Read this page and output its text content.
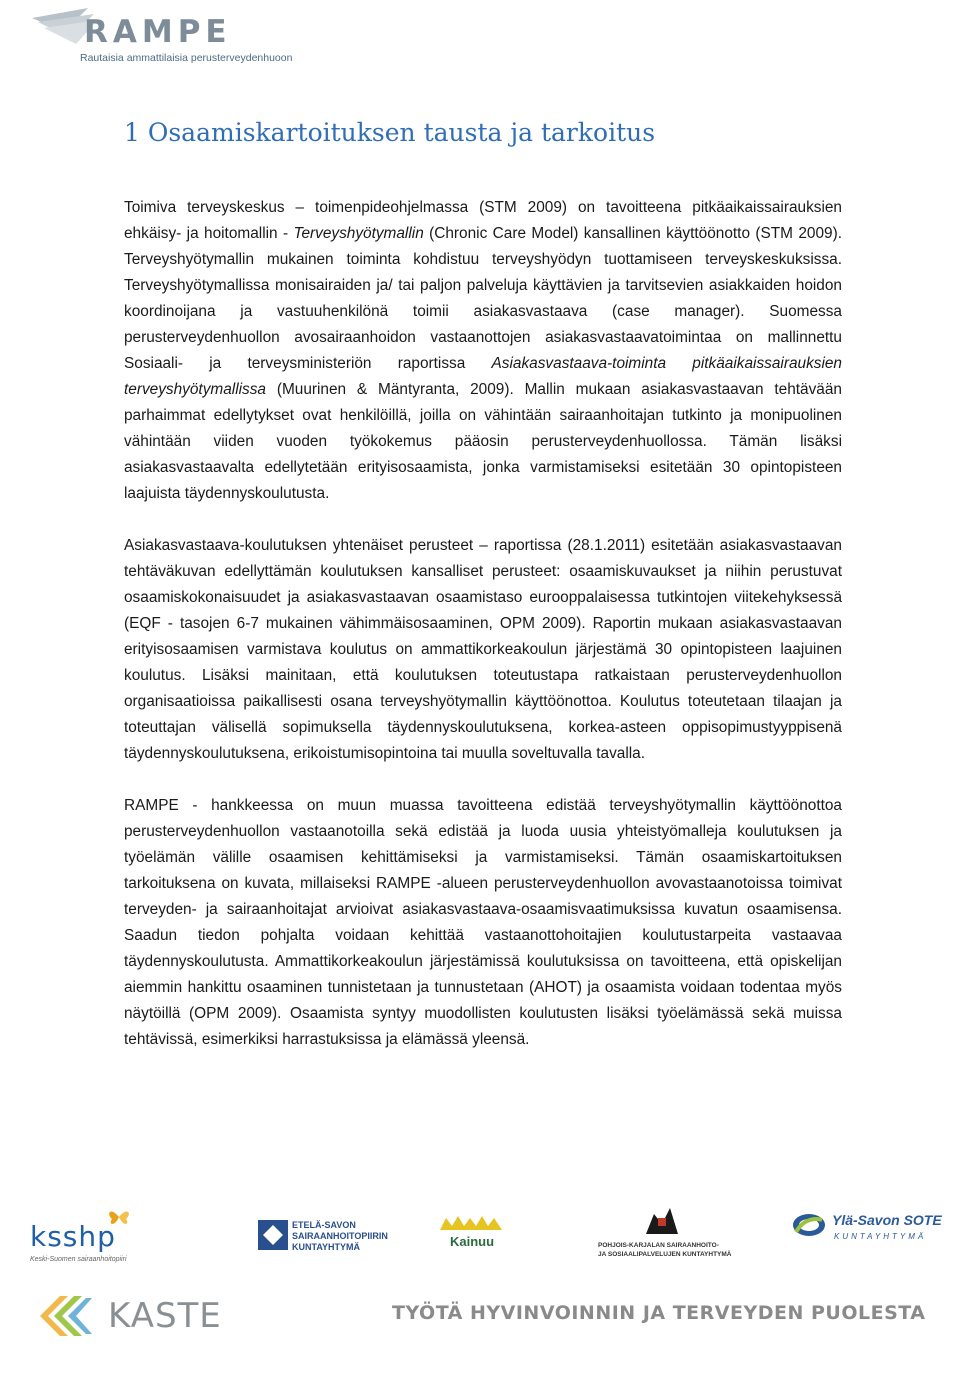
RAMPE
Rautaisia ammattilaisia perusterveydenhuoon
1 Osaamiskartoituksen tausta ja tarkoitus

Toimiva terveyskeskus – toimenpideohjelmassa (STM 2009) on tavoitteena pitkäaikaissairauksien ehkäisy- ja hoitomallin - Terveyshyötymallin (Chronic Care Model) kansallinen käyttöönotto (STM 2009). Terveyshyötymallin mukainen toiminta kohdistuu terveyshyödyn tuottamiseen terveyskeskuksissa. Terveyshyötymallissa monisairaiden ja/ tai paljon palveluja käyttävien ja tarvitsevien asiakkaiden hoidon koordinoijana ja vastuuhenkilönä toimii asiakasvastaava (case manager). Suomessa perusterveydenhuollon avosairaanhoidon vastaanottojen asiakasvastaavatoimintaa on mallinnettu Sosiaali- ja terveysministeriön raportissa Asiakasvastaava-toiminta pitkäaikaissairauksien terveyshyötymallissa (Muurinen & Mäntyranta, 2009). Mallin mukaan asiakasvastaavan tehtävään parhaimmat edellytykset ovat henkilöillä, joilla on vähintään sairaanhoitajan tutkinto ja monipuolinen vähintään viiden vuoden työkokemus pääosin perusterveydenhuollossa. Tämän lisäksi asiakasvastaavalta edellytetään erityisosaamista, jonka varmistamiseksi esitetään 30 opintopisteen laajuista täydennyskoulutusta.

Asiakasvastaava-koulutuksen yhtenäiset perusteet – raportissa (28.1.2011) esitetään asiakasvastaavan tehtäväkuvan edellyttämän koulutuksen kansalliset perusteet: osaamiskuvaukset ja niihin perustuvat osaamiskokonaisuudet ja asiakasvastaavan osaamistaso eurooppalaisessa tutkintojen viitekehyksessä (EQF - tasojen 6-7 mukainen vähimmäisosaaminen, OPM 2009). Raportin mukaan asiakasvastaavan erityisosaamisen varmistava koulutus on ammattikorkeakoulun järjestämä 30 opintopisteen laajuinen koulutus. Lisäksi mainitaan, että koulutuksen toteutustapa ratkaistaan perusterveydenhuollon organisaatioissa paikallisesti osana terveyshyötymallin käyttöönottoa. Koulutus toteutetaan tilaajan ja toteuttajan välisellä sopimuksella täydennyskoulutuksena, korkea-asteen oppisopimustyyppisenä täydennyskoulutuksena, erikoistumisopintoina tai muulla soveltuvalla tavalla.

RAMPE - hankkeessa on muun muassa tavoitteena edistää terveyshyötymallin käyttöönottoa perusterveydenhuollon vastaanotoilla sekä edistää ja luoda uusia yhteistyömalleja koulutuksen ja työelämän välille osaamisen kehittämiseksi ja varmistamiseksi. Tämän osaamiskartoituksen tarkoituksena on kuvata, millaiseksi RAMPE -alueen perusterveydenhuollon avovastaanotoissa toimivat terveyden- ja sairaanhoitajat arvioivat asiakasvastaava-osaamisvaatimuksissa kuvatun osaamisensa. Saadun tiedon pohjalta voidaan kehittää vastaanottohoitajien koulutustarpeita vastaavaa täydennyskoulutusta. Ammattikorkeakoulun järjestämissä koulutuksissa on tavoitteena, että opiskelijan aiemmin hankittu osaaminen tunnistetaan ja tunnustetaan (AHOT) ja osaamista voidaan todentaa myös näytöillä (OPM 2009). Osaamista syntyy muodollisten koulutusten lisäksi työelämässä sekä muissa tehtävissä, esimerkiksi harrastuksissa ja elämässä yleensä.

ksshp
Keski-Suomen sairaanhoitopiiri
ETELÄ-SAVON
SAIRAANHOITOPIIRIN
KUNTAYHTYMÄ	Kainuu	POHJOIS-KARJALAN SAIRAANHOITO-
JA SOSIAALIPALVELUJEN KUNTAYHTYMÄ
Ylä-Savon SOTE
KUNTAYHTYMÄ
KASTE	TYÖTÄ HYVINVOINNIN JA TERVEYDEN PUOLESTA
